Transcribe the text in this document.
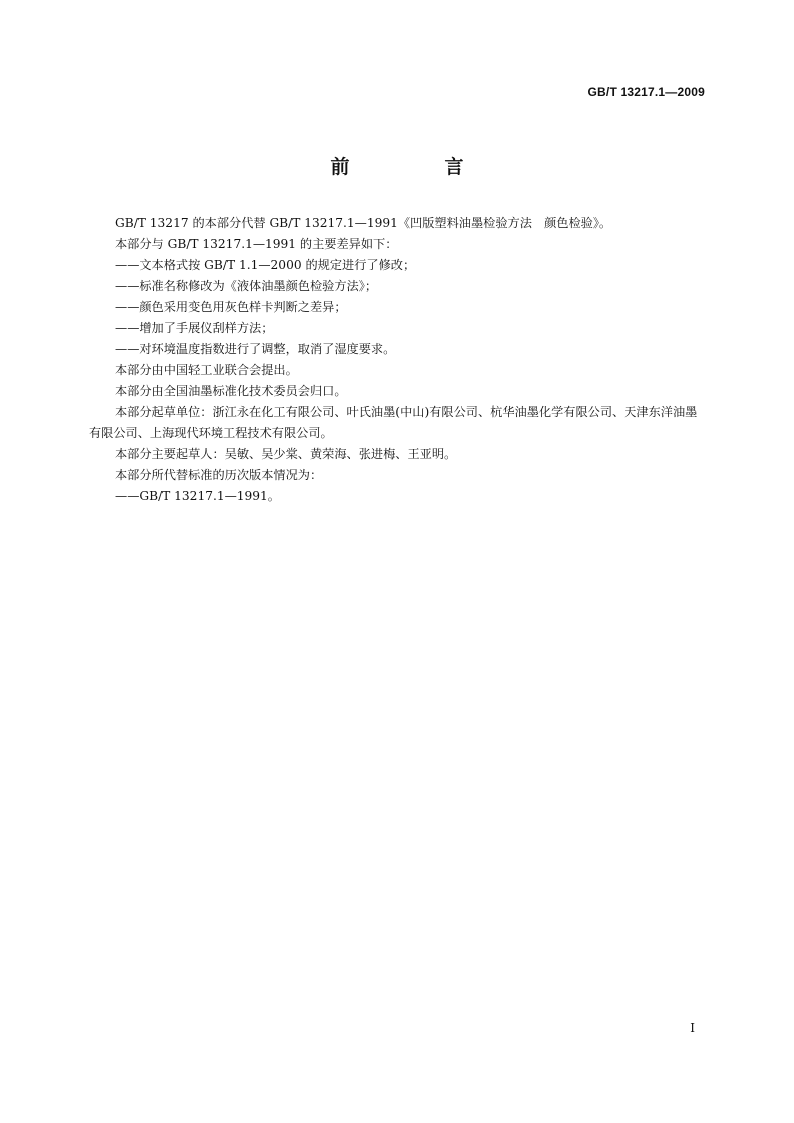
GB/T 13217.1—2009
前　言

GB/T 13217 的本部分代替 GB/T 13217.1—1991《凹版塑料油墨检验方法　颜色检验》。

本部分与 GB/T 13217.1—1991 的主要差异如下：

——文本格式按 GB/T 1.1—2000 的规定进行了修改；

——标准名称修改为《液体油墨颜色检验方法》；

——颜色采用变色用灰色样卡判断之差异；

——增加了手展仪刮样方法；

——对环境温度指数进行了调整，取消了湿度要求。

本部分由中国轻工业联合会提出。

本部分由全国油墨标准化技术委员会归口。

本部分起草单位：浙江永在化工有限公司、叶氏油墨(中山)有限公司、杭华油墨化学有限公司、天津东洋油墨有限公司、上海现代环境工程技术有限公司。

本部分主要起草人：吴敏、吴少棠、黄荣海、张进梅、王亚明。

本部分所代替标准的历次版本情况为：

——GB/T 13217.1—1991。

I
